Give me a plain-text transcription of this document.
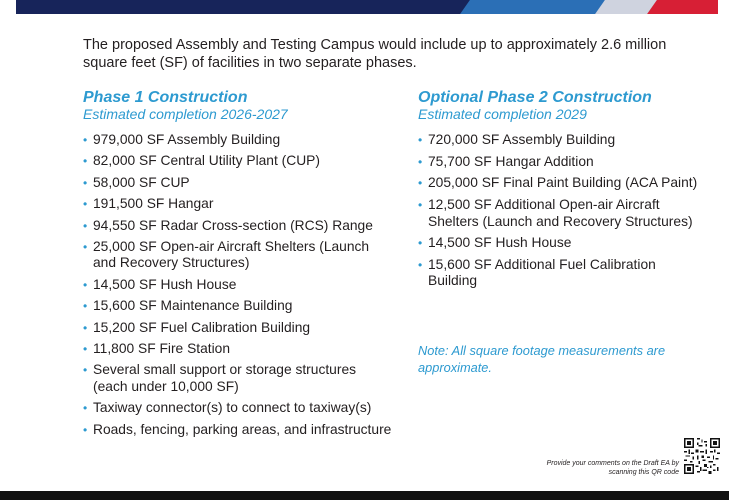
The proposed Assembly and Testing Campus would include up to approximately 2.6 million square feet (SF) of facilities in two separate phases.
Phase 1 Construction
Estimated completion 2026-2027
• 979,000 SF Assembly Building
• 82,000 SF Central Utility Plant (CUP)
• 58,000 SF CUP
• 191,500 SF Hangar
• 94,550 SF Radar Cross-section (RCS) Range
• 25,000 SF Open-air Aircraft Shelters (Launch and Recovery Structures)
• 14,500 SF Hush House
• 15,600 SF Maintenance Building
• 15,200 SF Fuel Calibration Building
• 11,800 SF Fire Station
• Several small support or storage structures (each under 10,000 SF)
• Taxiway connector(s) to connect to taxiway(s)
• Roads, fencing, parking areas, and infrastructure
Optional Phase 2 Construction
Estimated completion 2029
• 720,000 SF Assembly Building
• 75,700 SF Hangar Addition
• 205,000 SF Final Paint Building (ACA Paint)
• 12,500 SF Additional Open-air Aircraft Shelters (Launch and Recovery Structures)
• 14,500 SF Hush House
• 15,600 SF Additional Fuel Calibration Building
Note: All square footage measurements are approximate.
Provide your comments on the Draft EA by scanning this QR code
